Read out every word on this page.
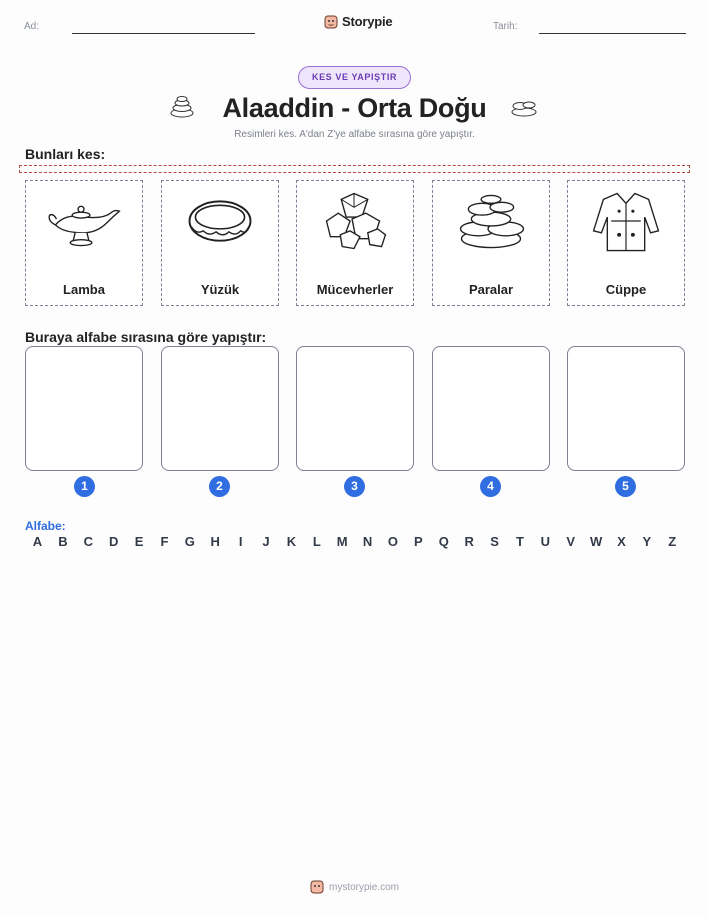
Ad:	Storypie	Tarih:
KES VE YAPIŞTIR
Alaaddin - Orta Doğu
Resimleri kes. A'dan Z'ye alfabe sırasına göre yapıştır.
Bunları kes:
Lamba	Yüzük	Mücevherler	Paralar	Cüppe
Buraya alfabe sırasına göre yapıştır:
1	2	3	4	5
Alfabe:
A	B	C	D	E	F	G	H	I	J	K	L	M	N	O	P	Q	R	S	T	U	V	W	X	Y	Z
mystorypie.com
